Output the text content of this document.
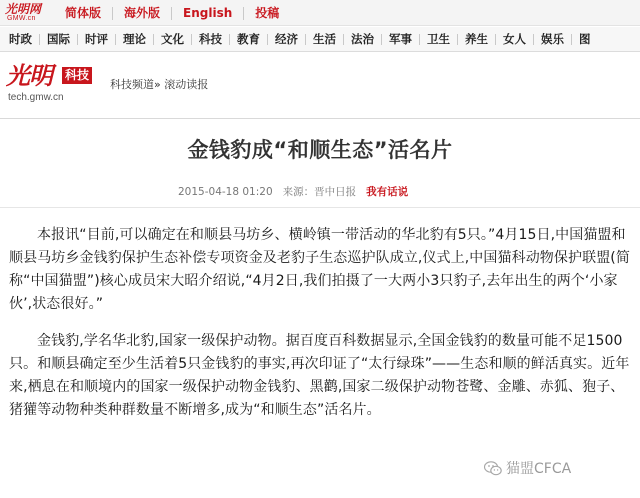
光明网
GMW.cn	简体版	海外版	English	投稿
时政	国际	时评	理论	文化	科技	教育	经济	生活	法治	军事	卫生	养生	女人	娱乐	图
光明 科技
tech.gmw.cn
科技频道» 滚动读报
金钱豹成“和顺生态”活名片
2015-04-18 01:20 来源：晋中日报 我有话说

本报讯“目前,可以确定在和顺县马坊乡、横岭镇一带活动的华北豹有5只。”4月15日,中国猫盟和顺县马坊乡金钱豹保护生态补偿专项资金及老豹子生态巡护队成立,仪式上,中国猫科动物保护联盟(简称“中国猫盟”)核心成员宋大昭介绍说,“4月2日,我们拍摄了一大两小3只豹子,去年出生的两个‘小家伙’,状态很好。”

金钱豹,学名华北豹,国家一级保护动物。据百度百科数据显示,全国金钱豹的数量可能不足1500只。和顺县确定至少生活着5只金钱豹的事实,再次印证了“太行绿珠”——生态和顺的鲜活真实。近年来,栖息在和顺境内的国家一级保护动物金钱豹、黑鹳,国家二级保护动物苍鹭、金雕、赤狐、狍子、猪獾等动物种类种群数量不断增多,成为“和顺生态”活名片。

猫盟CFCA
